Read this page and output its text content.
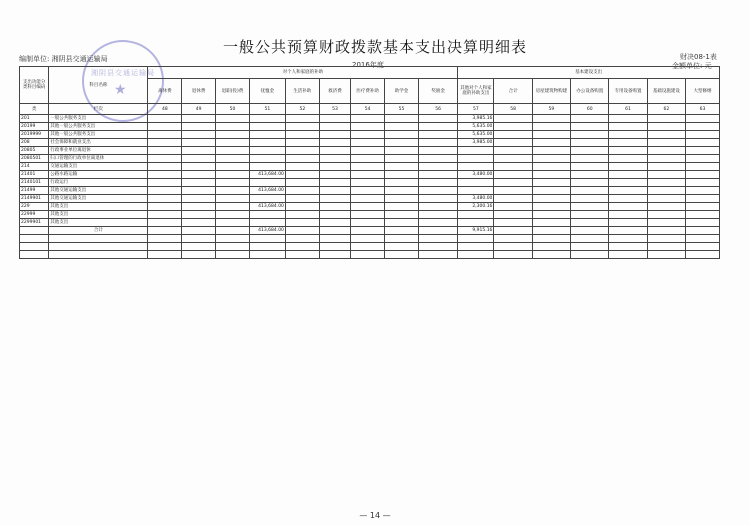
一般公共预算财政拨款基本支出决算明细表
湘阴县交通运输局
★
编制单位: 湘阴县交通运输局
2016年度
财决08-1表
金额单位: 元
支出功能分类科目编码	科目名称	对个人和家庭的补助									基本建设支出						
		离休费	退休费	退职(役)费	抚恤金	生活补助	救济费	医疗费补助	助学金	奖励金	其他对个人和家庭的补助支出	合计	房屋建筑物购建	办公设备购置	专用设备购置	基础设施建设	大型修缮
类	栏次	48	49	50	51	52	53	54	55	56	57	58	59	60	61	62	63
201	一般公共服务支出										3,985.16						
20199	其他一般公共服务支出										5,635.00						
2019999	其他一般公共服务支出										5,635.00						
208	社会保障和就业支出										3,985.00						
20805	行政事业单位离退休																
2080501	归口管理的行政单位离退休																
214	交通运输支出																
21401	公路水路运输				413,684.00						3,480.00						
2140101	行政运行																
21499	其他交通运输支出				413,684.00												
2149901	其他交通运输支出										3,480.00						
229	其他支出				413,684.00						2,300.16						
22999	其他支出																
2299901	其他支出																
	合计				413,684.00						9,915.16						

— 14 —
